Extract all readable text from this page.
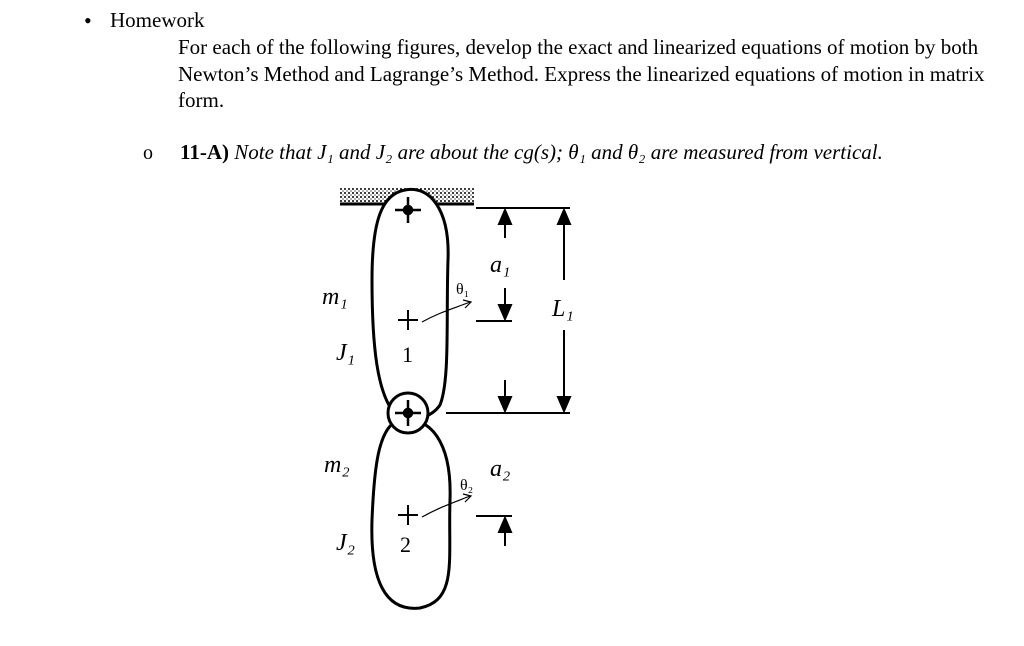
• Homework
For each of the following figures, develop the exact and linearized equations of motion by both Newton’s Method and Lagrange’s Method. Express the linearized equations of motion in matrix form.
o 11-A) Note that J₁ and J₂ are about the cg(s); θ₁ and θ₂ are measured from vertical.
m₁
J₁ 1
m₂
J₂ 2
θ₁
θ₂
a₁
a₂
L₁
